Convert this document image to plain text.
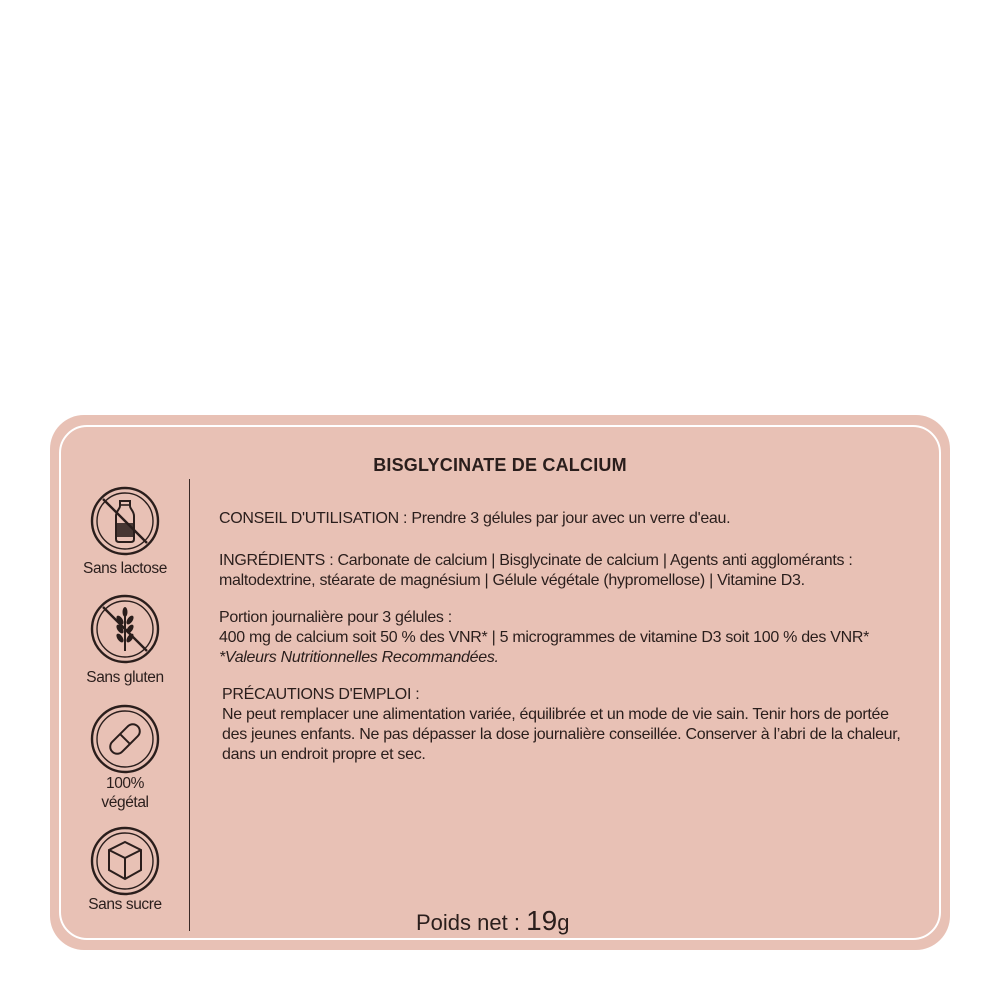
BISGLYCINATE DE CALCIUM
Sans lactose
Sans gluten
100%
végétal
Sans sucre

CONSEIL D'UTILISATION : Prendre 3 gélules par jour avec un verre d'eau.

INGRÉDIENTS : Carbonate de calcium | Bisglycinate de calcium | Agents anti agglomérants : maltodextrine, stéarate de magnésium | Gélule végétale (hypromellose) | Vitamine D3.

Portion journalière pour 3 gélules :
400 mg de calcium soit 50 % des VNR* | 5 microgrammes de vitamine D3 soit 100 % des VNR*
*Valeurs Nutritionnelles Recommandées.

PRÉCAUTIONS D'EMPLOI :
Ne peut remplacer une alimentation variée, équilibrée et un mode de vie sain. Tenir hors de portée des jeunes enfants. Ne pas dépasser la dose journalière conseillée. Conserver à l’abri de la chaleur, dans un endroit propre et sec.

Poids net : 19g
